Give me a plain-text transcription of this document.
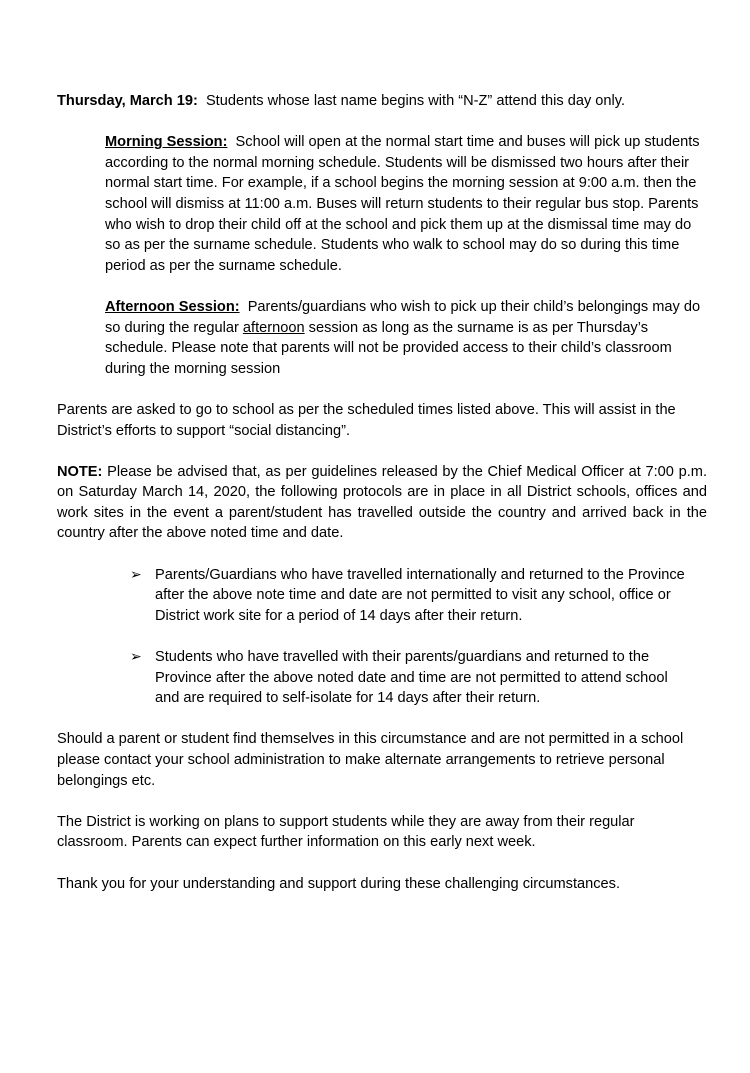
Thursday, March 19: Students whose last name begins with “N-Z” attend this day only.

Morning Session: School will open at the normal start time and buses will pick up students according to the normal morning schedule. Students will be dismissed two hours after their normal start time. For example, if a school begins the morning session at 9:00 a.m. then the school will dismiss at 11:00 a.m. Buses will return students to their regular bus stop. Parents who wish to drop their child off at the school and pick them up at the dismissal time may do so as per the surname schedule. Students who walk to school may do so during this time period as per the surname schedule.

Afternoon Session: Parents/guardians who wish to pick up their child’s belongings may do so during the regular afternoon session as long as the surname is as per Thursday’s schedule. Please note that parents will not be provided access to their child’s classroom during the morning session

Parents are asked to go to school as per the scheduled times listed above. This will assist in the District’s efforts to support “social distancing”.

NOTE: Please be advised that, as per guidelines released by the Chief Medical Officer at 7:00 p.m. on Saturday March 14, 2020, the following protocols are in place in all District schools, offices and work sites in the event a parent/student has travelled outside the country and arrived back in the country after the above noted time and date.

➢ Parents/Guardians who have travelled internationally and returned to the Province after the above note time and date are not permitted to visit any school, office or District work site for a period of 14 days after their return.
➢ Students who have travelled with their parents/guardians and returned to the Province after the above noted date and time are not permitted to attend school and are required to self-isolate for 14 days after their return.

Should a parent or student find themselves in this circumstance and are not permitted in a school please contact your school administration to make alternate arrangements to retrieve personal belongings etc.

The District is working on plans to support students while they are away from their regular classroom. Parents can expect further information on this early next week.

Thank you for your understanding and support during these challenging circumstances.
